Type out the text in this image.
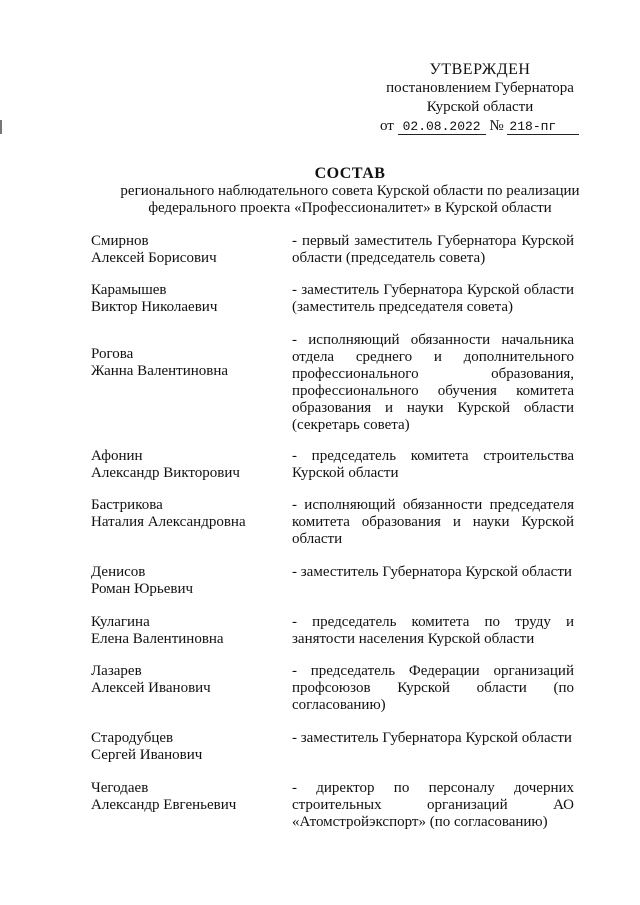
УТВЕРЖДЕН
постановлением Губернатора
Курской области
от 02.08.2022 № 218-пг
СОСТАВ
регионального наблюдательного совета Курской области по реализации
федерального проекта «Профессионалитет» в Курской области
Смирнов
Алексей Борисович
- первый заместитель Губернатора Курской области (председатель совета)
Карамышев
Виктор Николаевич
- заместитель Губернатора Курской области (заместитель председателя совета)
Рогова
Жанна Валентиновна
- исполняющий обязанности начальника отдела среднего и дополнительного профессионального образования, профессионального обучения комитета образования и науки Курской области (секретарь совета)
Афонин
Александр Викторович
- председатель комитета строительства Курской области
Бастрикова
Наталия Александровна
- исполняющий обязанности председателя комитета образования и науки Курской области
Денисов
Роман Юрьевич
- заместитель Губернатора Курской области
Кулагина
Елена Валентиновна
- председатель комитета по труду и занятости населения Курской области
Лазарев
Алексей Иванович
- председатель Федерации организаций профсоюзов Курской области (по согласованию)
Стародубцев
Сергей Иванович
- заместитель Губернатора Курской области
Чегодаев
Александр Евгеньевич
- директор по персоналу дочерних строительных организаций АО «Атомстройэкспорт» (по согласованию)
